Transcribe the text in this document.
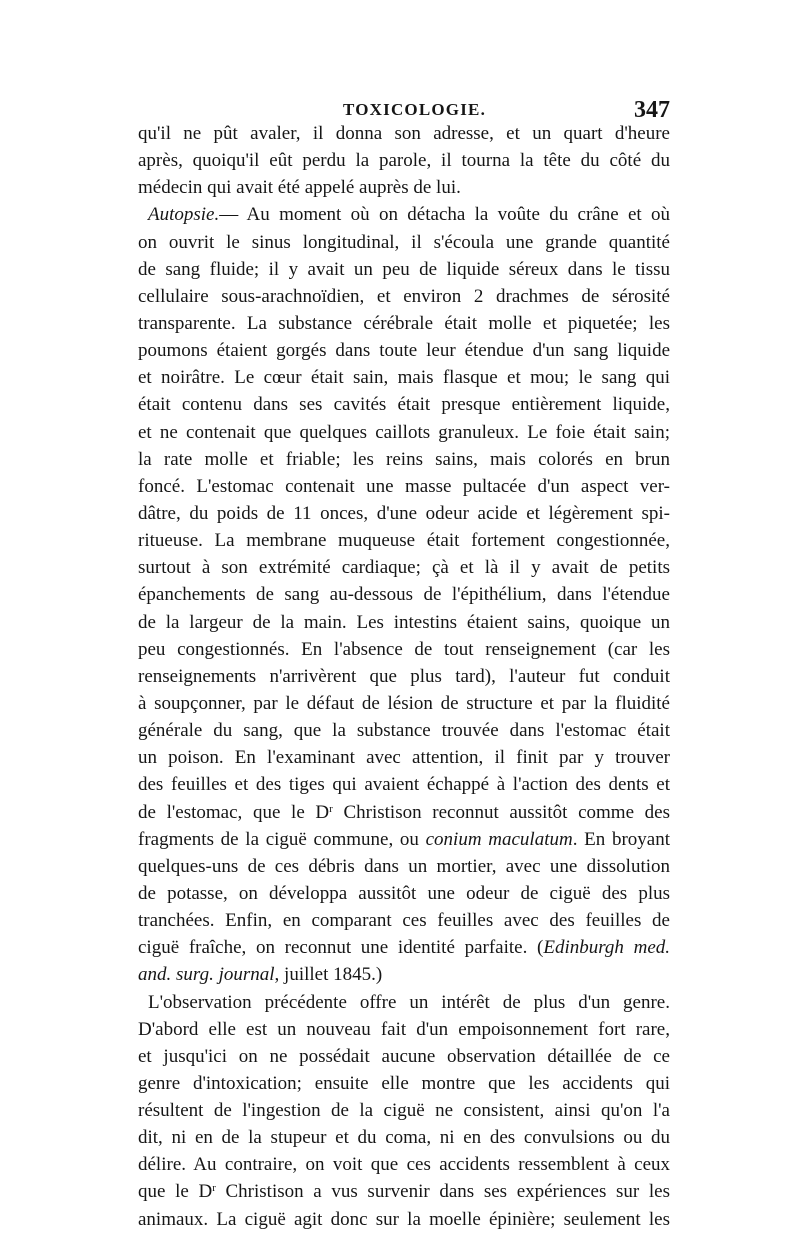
TOXICOLOGIE.	347
qu'il ne pût avaler, il donna son adresse, et un quart d'heure
après, quoiqu'il eût perdu la parole, il tourna la tête du côté du
médecin qui avait été appelé auprès de lui.
Autopsie.— Au moment où on détacha la voûte du crâne et où
on ouvrit le sinus longitudinal, il s'écoula une grande quantité
de sang fluide; il y avait un peu de liquide séreux dans le tissu
cellulaire sous-arachnoïdien, et environ 2 drachmes de sérosité
transparente. La substance cérébrale était molle et piquetée; les
poumons étaient gorgés dans toute leur étendue d'un sang liquide
et noirâtre. Le cœur était sain, mais flasque et mou; le sang qui
était contenu dans ses cavités était presque entièrement liquide,
et ne contenait que quelques caillots granuleux. Le foie était sain;
la rate molle et friable; les reins sains, mais colorés en brun
foncé. L'estomac contenait une masse pultacée d'un aspect ver-
dâtre, du poids de 11 onces, d'une odeur acide et légèrement spi-
ritueuse. La membrane muqueuse était fortement congestionnée,
surtout à son extrémité cardiaque; çà et là il y avait de petits
épanchements de sang au-dessous de l'épithélium, dans l'étendue
de la largeur de la main. Les intestins étaient sains, quoique un
peu congestionnés. En l'absence de tout renseignement (car les
renseignements n'arrivèrent que plus tard), l'auteur fut conduit
à soupçonner, par le défaut de lésion de structure et par la fluidité
générale du sang, que la substance trouvée dans l'estomac était
un poison. En l'examinant avec attention, il finit par y trouver
des feuilles et des tiges qui avaient échappé à l'action des dents et
de l'estomac, que le $D^r$ Christison reconnut aussitôt comme des
fragments de la ciguë commune, ou conium maculatum. En broyant
quelques-uns de ces débris dans un mortier, avec une dissolution
de potasse, on développa aussitôt une odeur de ciguë des plus
tranchées. Enfin, en comparant ces feuilles avec des feuilles de
ciguë fraîche, on reconnut une identité parfaite. (Edinburgh med.
and. surg. journal, juillet 1845.)
L'observation précédente offre un intérêt de plus d'un genre.
D'abord elle est un nouveau fait d'un empoisonnement fort rare,
et jusqu'ici on ne possédait aucune observation détaillée de ce
genre d'intoxication; ensuite elle montre que les accidents qui
résultent de l'ingestion de la ciguë ne consistent, ainsi qu'on l'a
dit, ni en de la stupeur et du coma, ni en des convulsions ou du
délire. Au contraire, on voit que ces accidents ressemblent à ceux
que le $D^r$ Christison a vus survenir dans ses expériences sur les
animaux. La ciguë agit donc sur la moelle épinière; seulement les
